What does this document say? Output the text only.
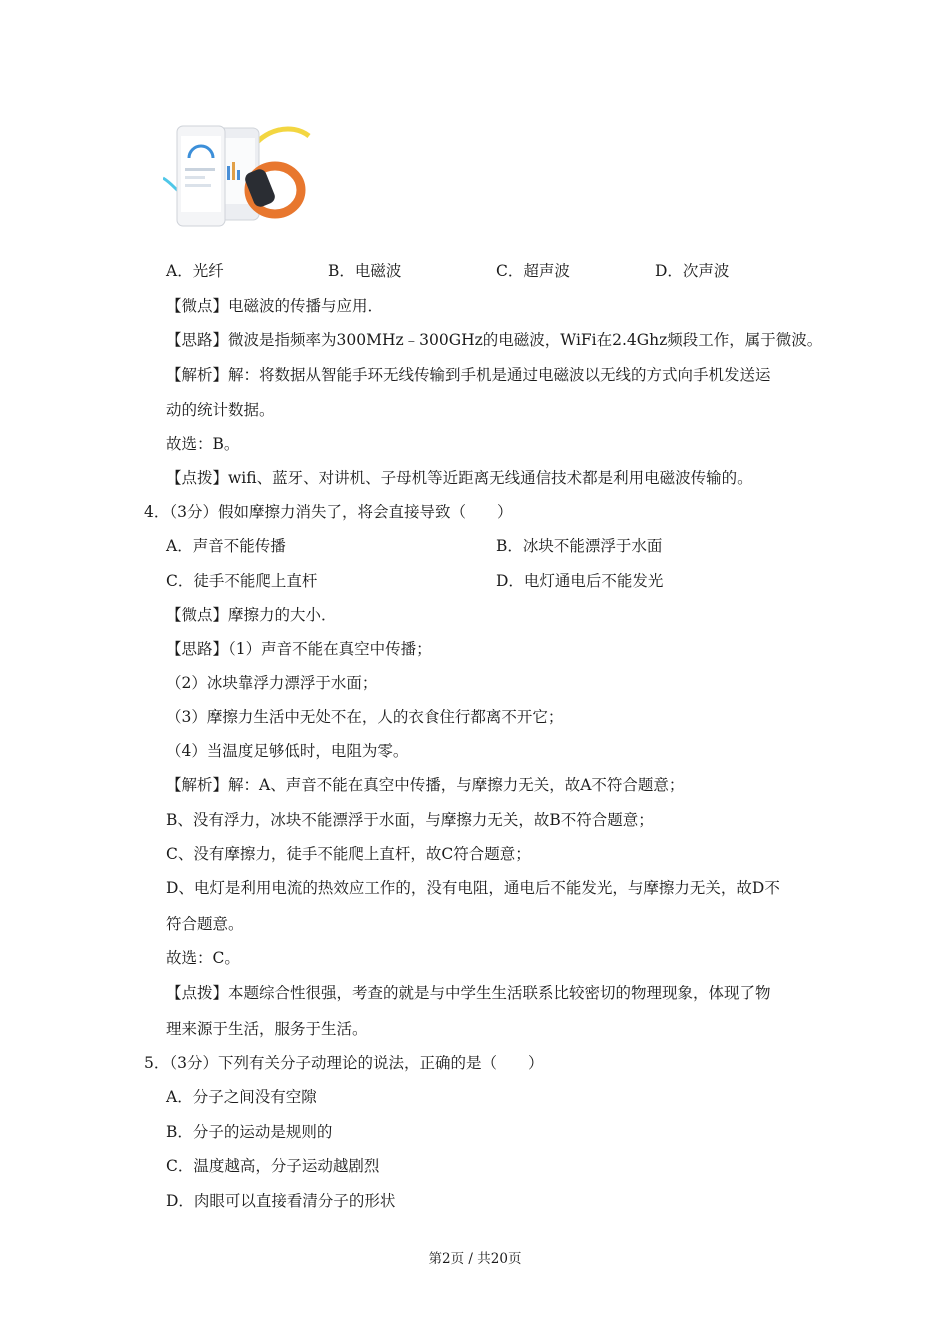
A．光纤	B．电磁波	C．超声波	D．次声波
【微点】电磁波的传播与应用．
【思路】微波是指频率为300MHz﹣300GHz的电磁波，WiFi在2.4Ghz频段工作，属于微波。
【解析】解：将数据从智能手环无线传输到手机是通过电磁波以无线的方式向手机发送运
动的统计数据。
故选：B。
【点拨】wifi、蓝牙、对讲机、子母机等近距离无线通信技术都是利用电磁波传输的。
4．（3分）假如摩擦力消失了，将会直接导致（　　）
A．声音不能传播	B．冰块不能漂浮于水面
C．徒手不能爬上直杆	D．电灯通电后不能发光
【微点】摩擦力的大小．
【思路】（1）声音不能在真空中传播；
（2）冰块靠浮力漂浮于水面；
（3）摩擦力生活中无处不在，人的衣食住行都离不开它；
（4）当温度足够低时，电阻为零。
【解析】解：A、声音不能在真空中传播，与摩擦力无关，故A不符合题意；
B、没有浮力，冰块不能漂浮于水面，与摩擦力无关，故B不符合题意；
C、没有摩擦力，徒手不能爬上直杆，故C符合题意；
D、电灯是利用电流的热效应工作的，没有电阻，通电后不能发光，与摩擦力无关，故D不
符合题意。
故选：C。
【点拨】本题综合性很强，考查的就是与中学生生活联系比较密切的物理现象，体现了物
理来源于生活，服务于生活。
5．（3分）下列有关分子动理论的说法，正确的是（　　）
A．分子之间没有空隙
B．分子的运动是规则的
C．温度越高，分子运动越剧烈
D．肉眼可以直接看清分子的形状
第2页 / 共20页
